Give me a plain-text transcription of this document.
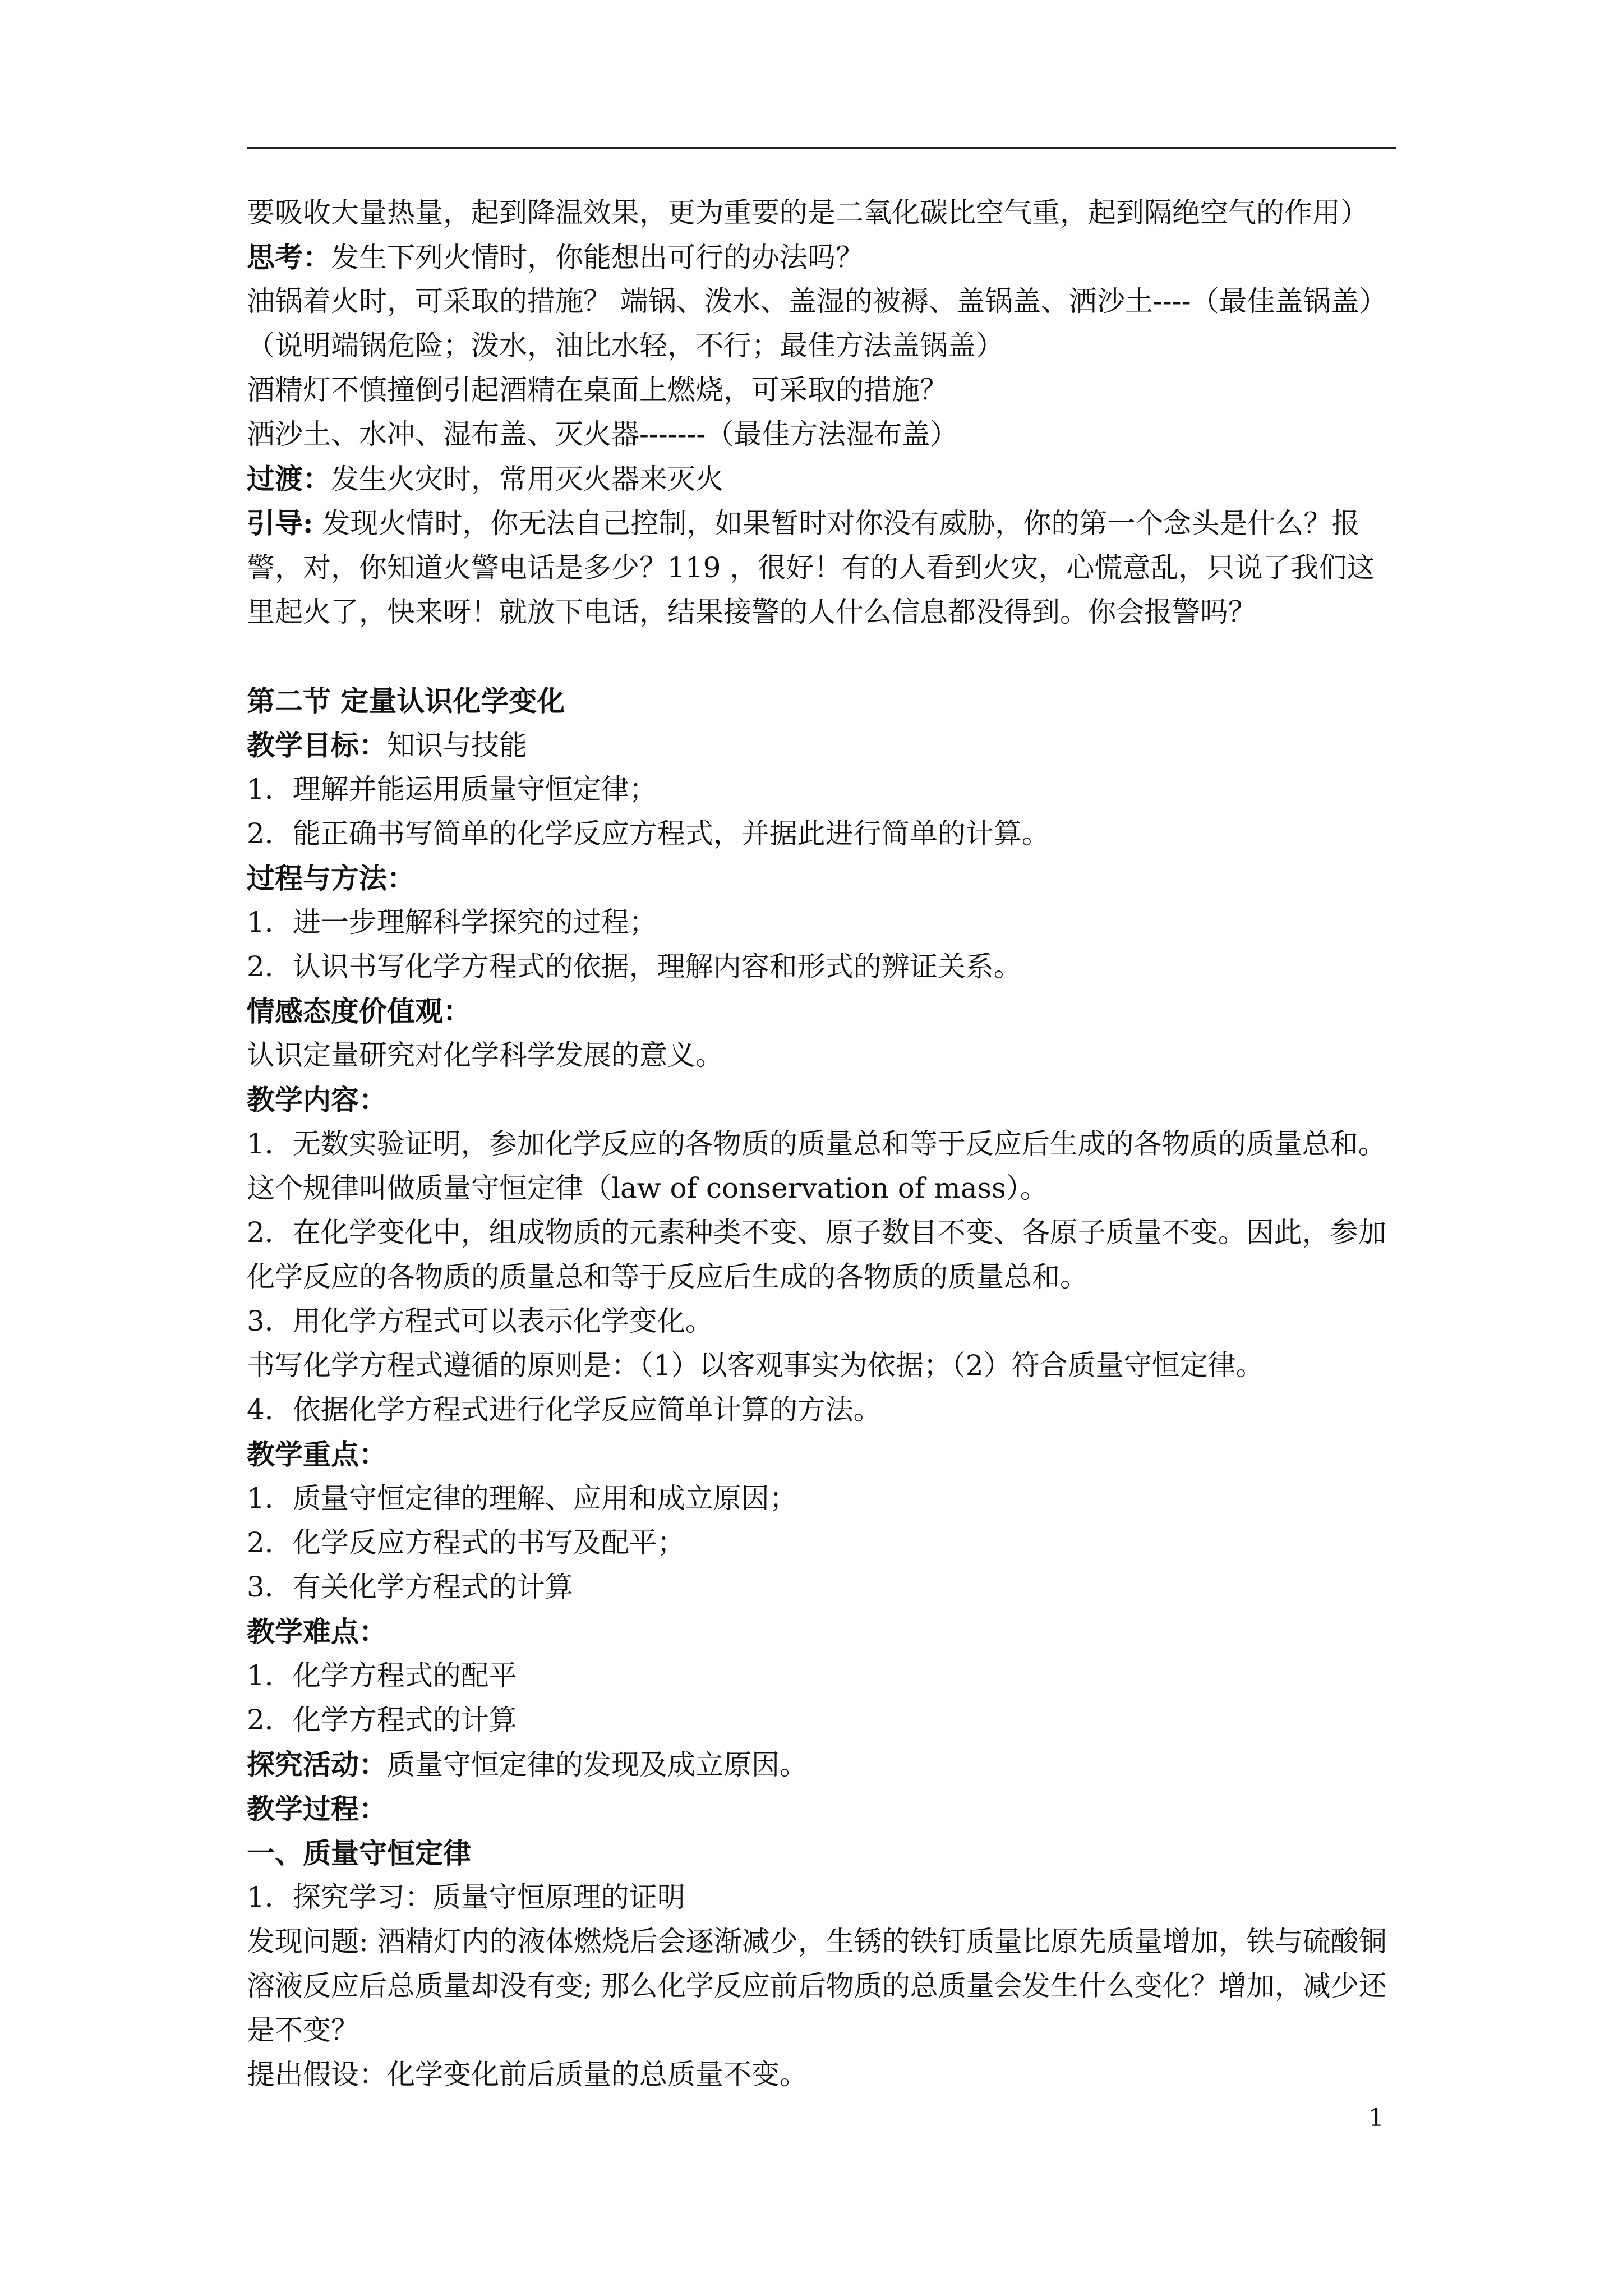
要吸收大量热量，起到降温效果，更为重要的是二氧化碳比空气重，起到隔绝空气的作用）
思考：发生下列火情时，你能想出可行的办法吗？
油锅着火时，可采取的措施？ 端锅、泼水、盖湿的被褥、盖锅盖、洒沙土----（最佳盖锅盖）
（说明端锅危险；泼水，油比水轻，不行；最佳方法盖锅盖）
酒精灯不慎撞倒引起酒精在桌面上燃烧，可采取的措施？
洒沙土、水冲、湿布盖、灭火器-------（最佳方法湿布盖）
过渡：发生火灾时，常用灭火器来灭火
引导: 发现火情时，你无法自己控制，如果暂时对你没有威胁，你的第一个念头是什么？报警，对，你知道火警电话是多少？119 ，很好！有的人看到火灾，心慌意乱，只说了我们这里起火了，快来呀！就放下电话，结果接警的人什么信息都没得到。你会报警吗？
第二节 定量认识化学变化
教学目标：知识与技能
1．理解并能运用质量守恒定律；
2．能正确书写简单的化学反应方程式，并据此进行简单的计算。
过程与方法：
1．进一步理解科学探究的过程；
2．认识书写化学方程式的依据，理解内容和形式的辨证关系。
情感态度价值观：
认识定量研究对化学科学发展的意义。
教学内容：
1．无数实验证明，参加化学反应的各物质的质量总和等于反应后生成的各物质的质量总和。这个规律叫做质量守恒定律（law of conservation of mass）。
2．在化学变化中，组成物质的元素种类不变、原子数目不变、各原子质量不变。因此，参加化学反应的各物质的质量总和等于反应后生成的各物质的质量总和。
3．用化学方程式可以表示化学变化。
书写化学方程式遵循的原则是：（1）以客观事实为依据；（2）符合质量守恒定律。
4．依据化学方程式进行化学反应简单计算的方法。
教学重点：
1．质量守恒定律的理解、应用和成立原因；
2．化学反应方程式的书写及配平；
3．有关化学方程式的计算
教学难点：
1．化学方程式的配平
2．化学方程式的计算
探究活动：质量守恒定律的发现及成立原因。
教学过程：
一、质量守恒定律
1．探究学习：质量守恒原理的证明
发现问题: 酒精灯内的液体燃烧后会逐渐减少，生锈的铁钉质量比原先质量增加，铁与硫酸铜溶液反应后总质量却没有变; 那么化学反应前后物质的总质量会发生什么变化？增加，减少还是不变？
提出假设：化学变化前后质量的总质量不变。
1
